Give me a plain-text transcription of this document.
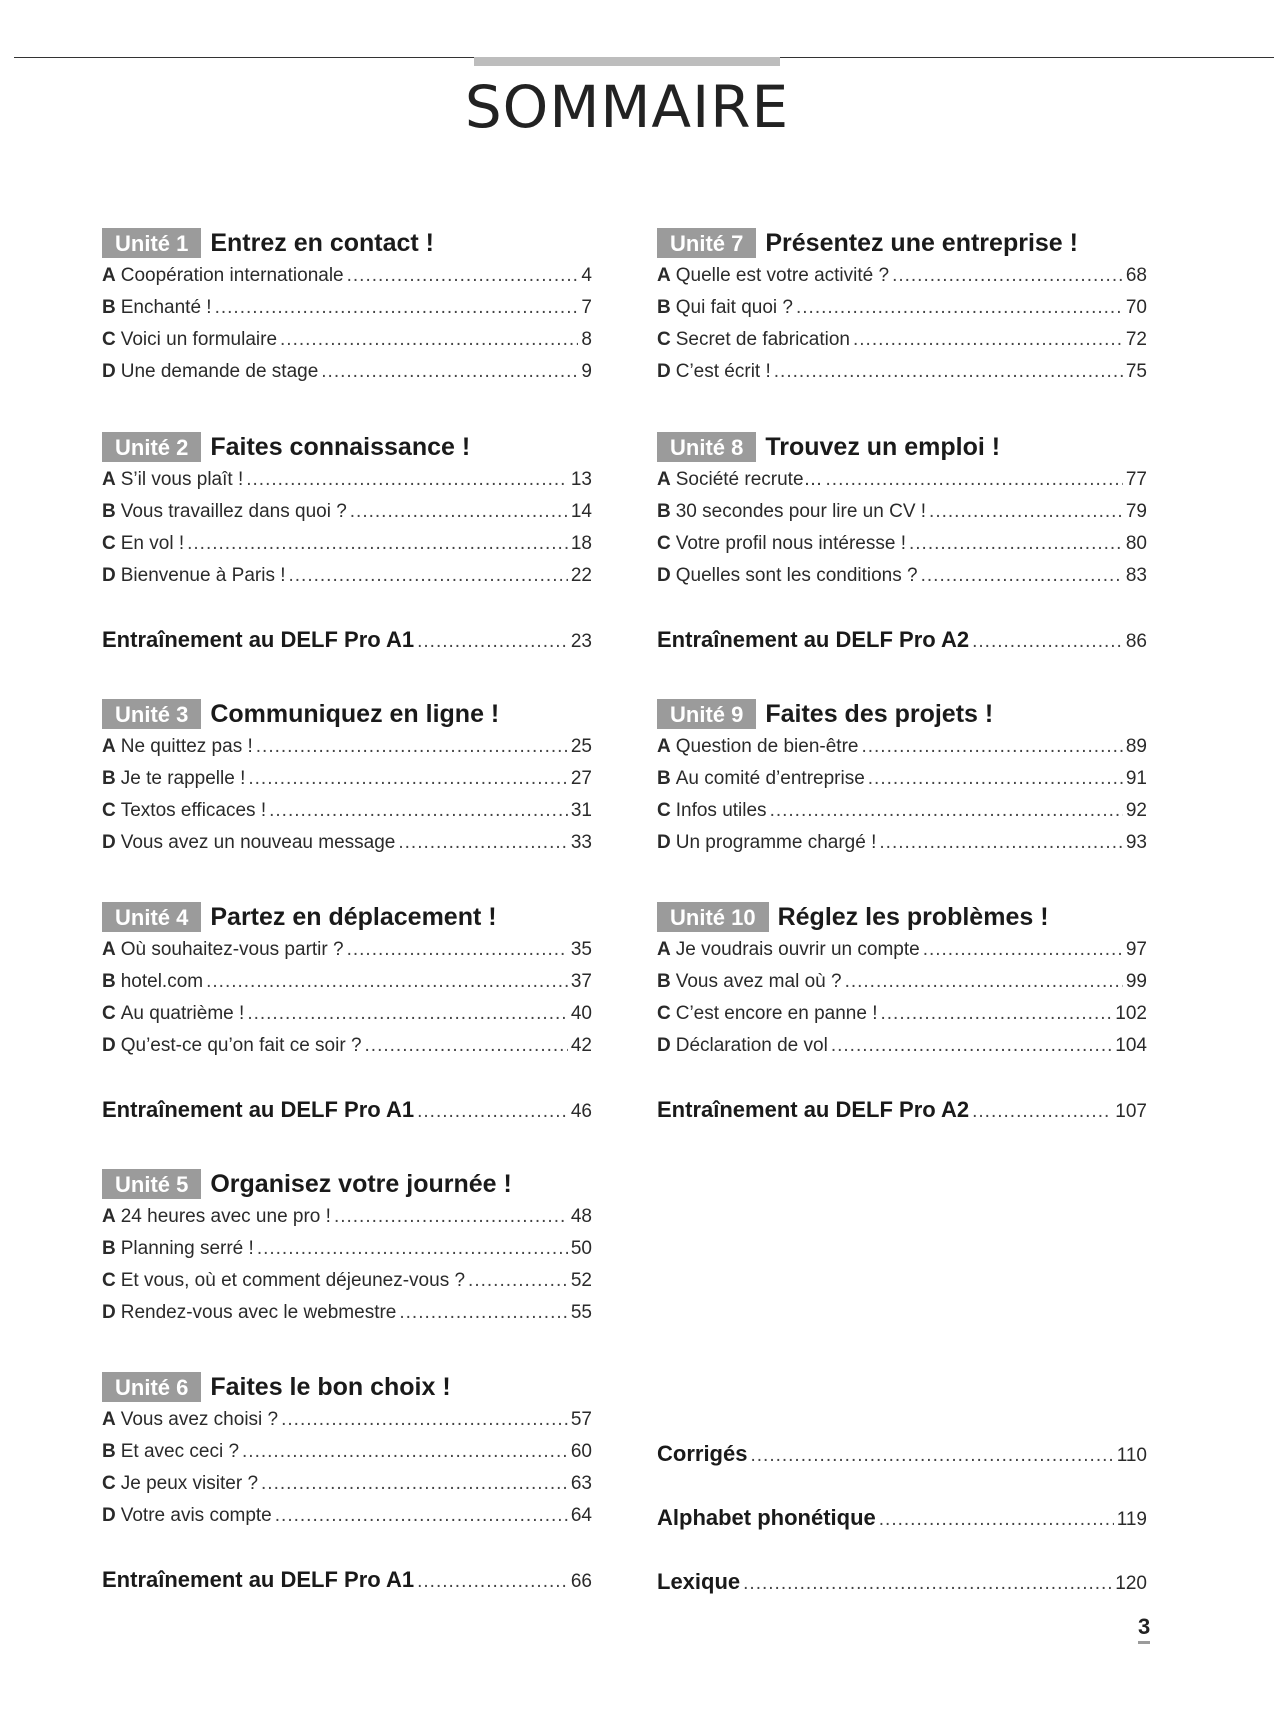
SOMMAIRE
Unité 1 Entrez en contact !
A Coopération internationale .....	4
B Enchanté ! .....	7
C Voici un formulaire .....	8
D Une demande de stage .....	9
Unité 2 Faites connaissance !
A S’il vous plaît ! .....	13
B Vous travaillez dans quoi ? .....	14
C En vol ! .....	18
D Bienvenue à Paris ! .....	22
Entraînement au DELF Pro A1 .....	23
Unité 3 Communiquez en ligne !
A Ne quittez pas ! .....	25
B Je te rappelle ! .....	27
C Textos efficaces ! .....	31
D Vous avez un nouveau message .....	33
Unité 4 Partez en déplacement !
A Où souhaitez-vous partir ? .....	35
B hotel.com .....	37
C Au quatrième ! .....	40
D Qu’est-ce qu’on fait ce soir ? .....	42
Entraînement au DELF Pro A1 .....	46
Unité 5 Organisez votre journée !
A 24 heures avec une pro ! .....	48
B Planning serré ! .....	50
C Et vous, où et comment déjeunez-vous ? .....	52
D Rendez-vous avec le webmestre .....	55
Unité 6 Faites le bon choix !
A Vous avez choisi ? .....	57
B Et avec ceci ? .....	60
C Je peux visiter ? .....	63
D Votre avis compte .....	64
Entraînement au DELF Pro A1 .....	66
Unité 7 Présentez une entreprise !
A Quelle est votre activité ? .....	68
B Qui fait quoi ? .....	70
C Secret de fabrication .....	72
D C’est écrit ! .....	75
Unité 8 Trouvez un emploi !
A Société recrute… .....	77
B 30 secondes pour lire un CV ! .....	79
C Votre profil nous intéresse ! .....	80
D Quelles sont les conditions ? .....	83
Entraînement au DELF Pro A2 .....	86
Unité 9 Faites des projets !
A Question de bien-être .....	89
B Au comité d’entreprise .....	91
C Infos utiles .....	92
D Un programme chargé ! .....	93
Unité 10 Réglez les problèmes !
A Je voudrais ouvrir un compte .....	97
B Vous avez mal où ? .....	99
C C’est encore en panne ! .....	102
D Déclaration de vol .....	104
Entraînement au DELF Pro A2 .....	107
Corrigés .....	110
Alphabet phonétique .....	119
Lexique .....	120
3
